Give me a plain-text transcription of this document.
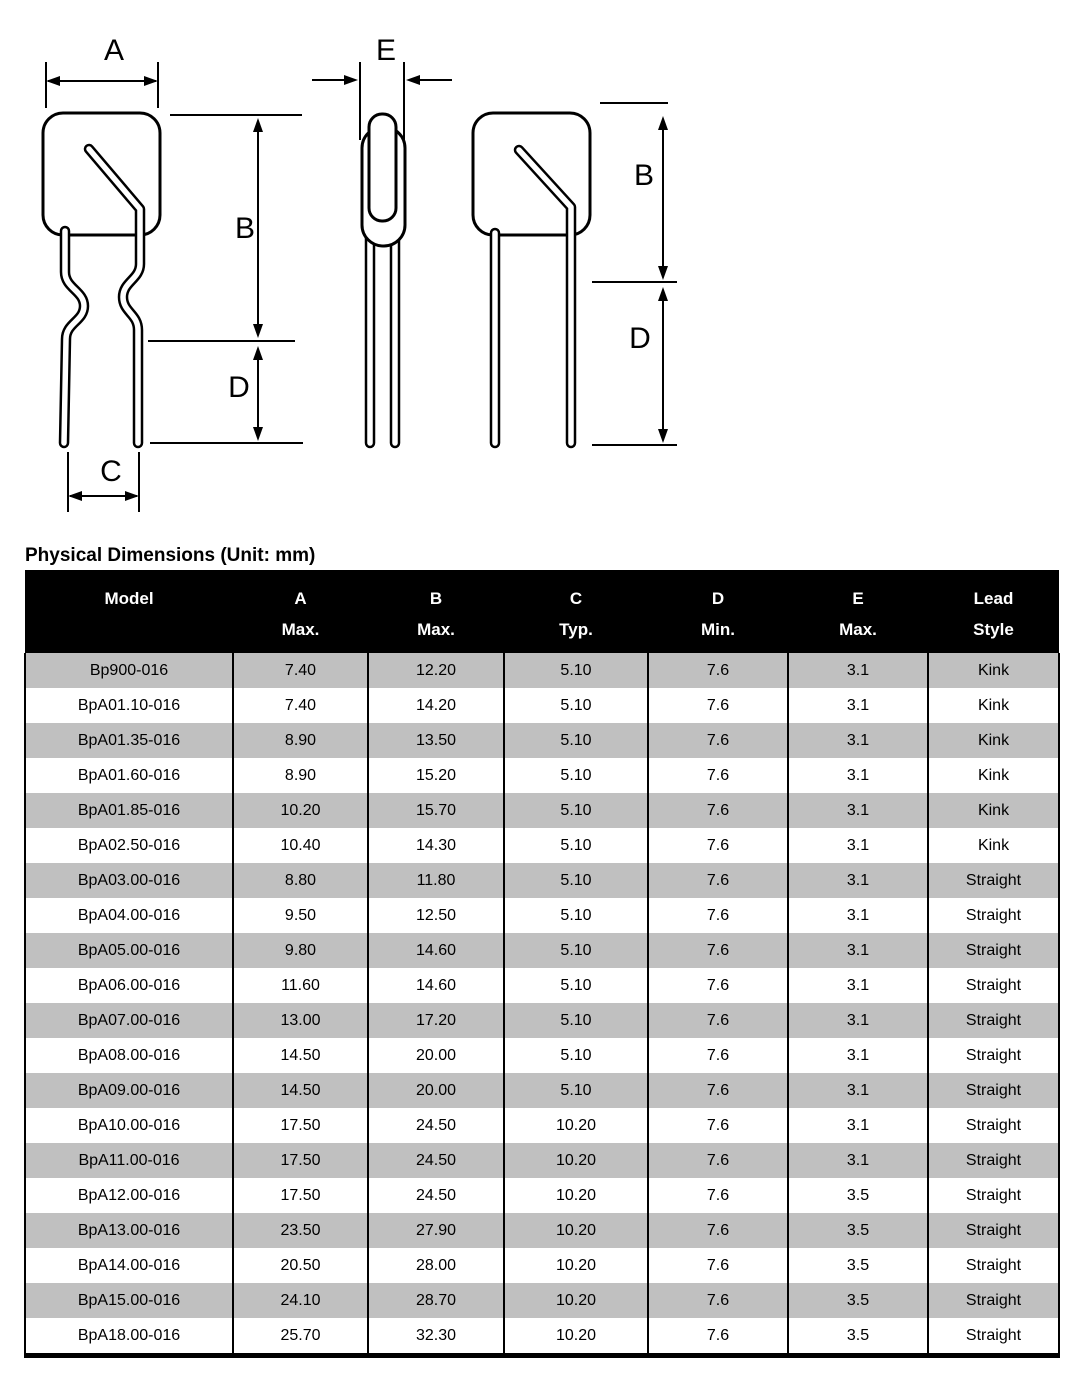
A	E
B
D
C
B
D
Physical Dimensions (Unit: mm)
Model	A	B	C	D	E	Lead
	Max.	Max.	Typ.	Min.	Max.	Style
Bp900-016	7.40	12.20	5.10	7.6	3.1	Kink
BpA01.10-016	7.40	14.20	5.10	7.6	3.1	Kink
BpA01.35-016	8.90	13.50	5.10	7.6	3.1	Kink
BpA01.60-016	8.90	15.20	5.10	7.6	3.1	Kink
BpA01.85-016	10.20	15.70	5.10	7.6	3.1	Kink
BpA02.50-016	10.40	14.30	5.10	7.6	3.1	Kink
BpA03.00-016	8.80	11.80	5.10	7.6	3.1	Straight
BpA04.00-016	9.50	12.50	5.10	7.6	3.1	Straight
BpA05.00-016	9.80	14.60	5.10	7.6	3.1	Straight
BpA06.00-016	11.60	14.60	5.10	7.6	3.1	Straight
BpA07.00-016	13.00	17.20	5.10	7.6	3.1	Straight
BpA08.00-016	14.50	20.00	5.10	7.6	3.1	Straight
BpA09.00-016	14.50	20.00	5.10	7.6	3.1	Straight
BpA10.00-016	17.50	24.50	10.20	7.6	3.1	Straight
BpA11.00-016	17.50	24.50	10.20	7.6	3.1	Straight
BpA12.00-016	17.50	24.50	10.20	7.6	3.5	Straight
BpA13.00-016	23.50	27.90	10.20	7.6	3.5	Straight
BpA14.00-016	20.50	28.00	10.20	7.6	3.5	Straight
BpA15.00-016	24.10	28.70	10.20	7.6	3.5	Straight
BpA18.00-016	25.70	32.30	10.20	7.6	3.5	Straight
